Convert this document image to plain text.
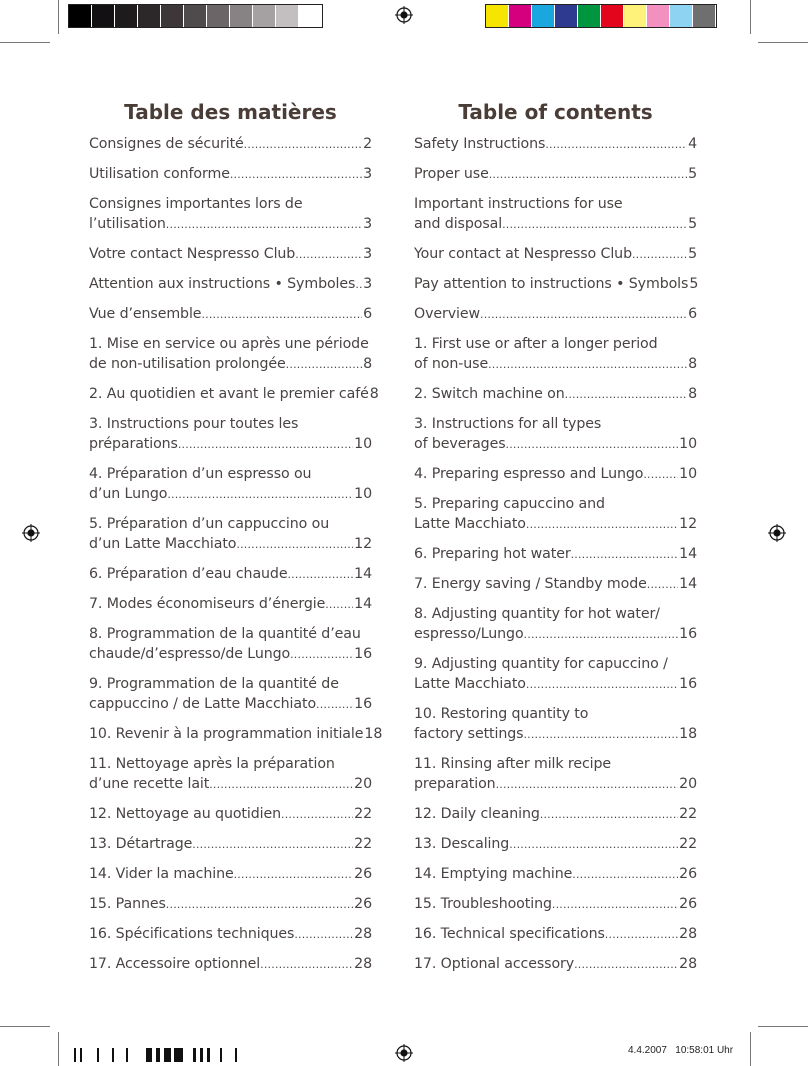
4.4.2007   10:58:01 Uhr
Table des matières
Consignes de sécurité .....	2
Utilisation conforme .....	3
Consignes importantes lors de
l’utilisation .....	3
Votre contact Nespresso Club .....	3
Attention aux instructions • Symboles ..... 3
Vue d’ensemble .....	6
1. Mise en service ou après une période
de non-utilisation prolongée .....	8
2. Au quotidien et avant le premier café 8
3. Instructions pour toutes les
préparations .....	10
4. Préparation d’un espresso ou
d’un Lungo .....	10
5. Préparation d’un cappuccino ou
d’un Latte Macchiato .....	12
6. Préparation d’eau chaude .....	14
7. Modes économiseurs d’énergie ..... 14
8. Programmation de la quantité d’eau
chaude/d’espresso/de Lungo .....	16
9. Programmation de la quantité de
cappuccino / de Latte Macchiato .....	16
10. Revenir à la programmation initiale 18
11. Nettoyage après la préparation
d’une recette lait .....	20
12. Nettoyage au quotidien .....	22
13. Détartrage .....	22
14. Vider la machine .....	26
15. Pannes .....	26
16. Spécifications techniques .....	28
17. Accessoire optionnel .....	28
Table of contents
Safety Instructions .....	4
Proper use .....	5
Important instructions for use
and disposal .....	5
Your contact at Nespresso Club .....	5
Pay attention to instructions • Symbols 5
Overview .....	6
1. First use or after a longer period
of non-use .....	8
2. Switch machine on .....	8
3. Instructions for all types
of beverages .....	10
4. Preparing espresso and Lungo .....	10
5. Preparing capuccino and
Latte Macchiato .....	12
6. Preparing hot water .....	14
7. Energy saving / Standby mode ..... 14
8. Adjusting quantity for hot water/
espresso/Lungo .....	16
9. Adjusting quantity for capuccino /
Latte Macchiato .....	16
10. Restoring quantity to
factory settings .....	18
11. Rinsing after milk recipe
preparation .....	20
12. Daily cleaning .....	22
13. Descaling .....	22
14. Emptying machine .....	26
15. Troubleshooting .....	26
16. Technical specifications .....	28
17. Optional accessory .....	28
